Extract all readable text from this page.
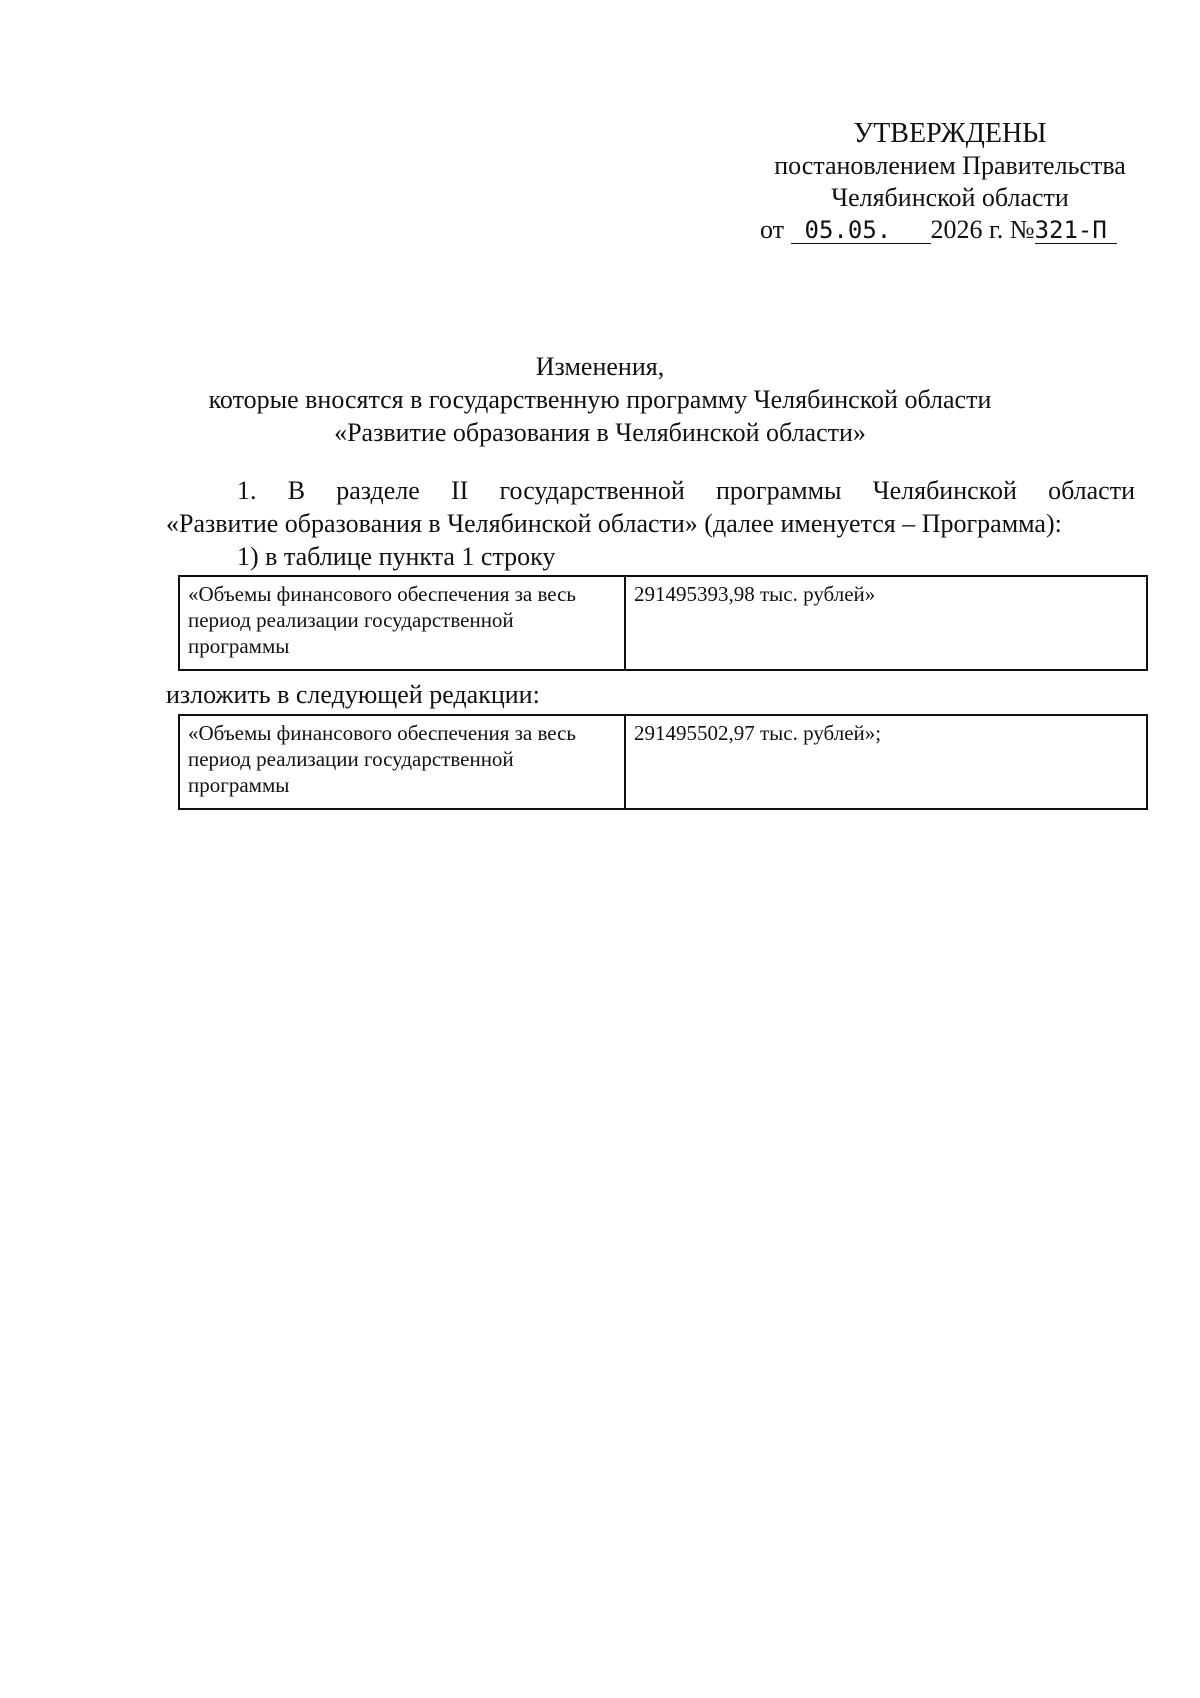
УТВЕРЖДЕНЫ
постановлением Правительства
Челябинской области
от 05.05. 2026 г. №321-П
Изменения,
которые вносятся в государственную программу Челябинской области
«Развитие образования в Челябинской области»
1. В разделе II государственной программы Челябинской области
«Развитие образования в Челябинской области» (далее именуется – Программа):
1) в таблице пункта 1 строку
«Объемы финансового обеспечения за весь период реализации государственной программы	291495393,98 тыс. рублей»
изложить в следующей редакции:
«Объемы финансового обеспечения за весь период реализации государственной программы	291495502,97 тыс. рублей»;
